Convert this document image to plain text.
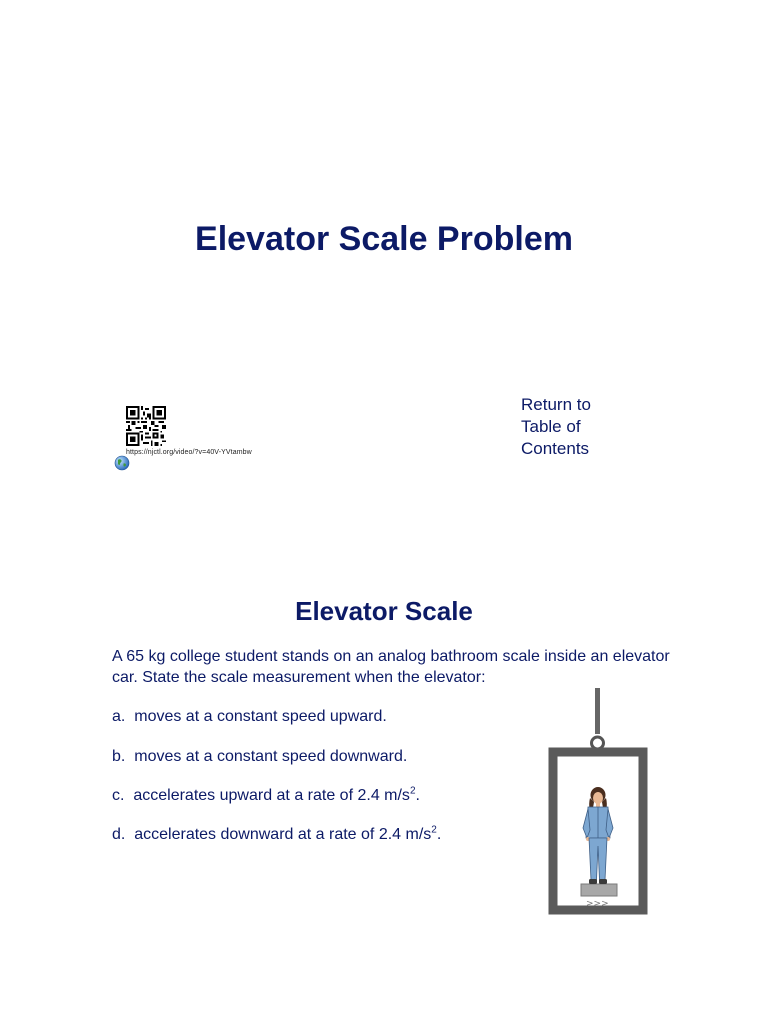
Elevator Scale Problem
https://njctl.org/video/?v=40V-YVtambw
Return to
Table of
Contents
Elevator Scale

A 65 kg college student stands on an analog bathroom scale inside an elevator car. State the scale measurement when the elevator:

a. moves at a constant speed upward.

b. moves at a constant speed downward.

c. accelerates upward at a rate of 2.4 $m/s^2$.

d. accelerates downward at a rate of 2.4 $m/s^2$.

>>>
